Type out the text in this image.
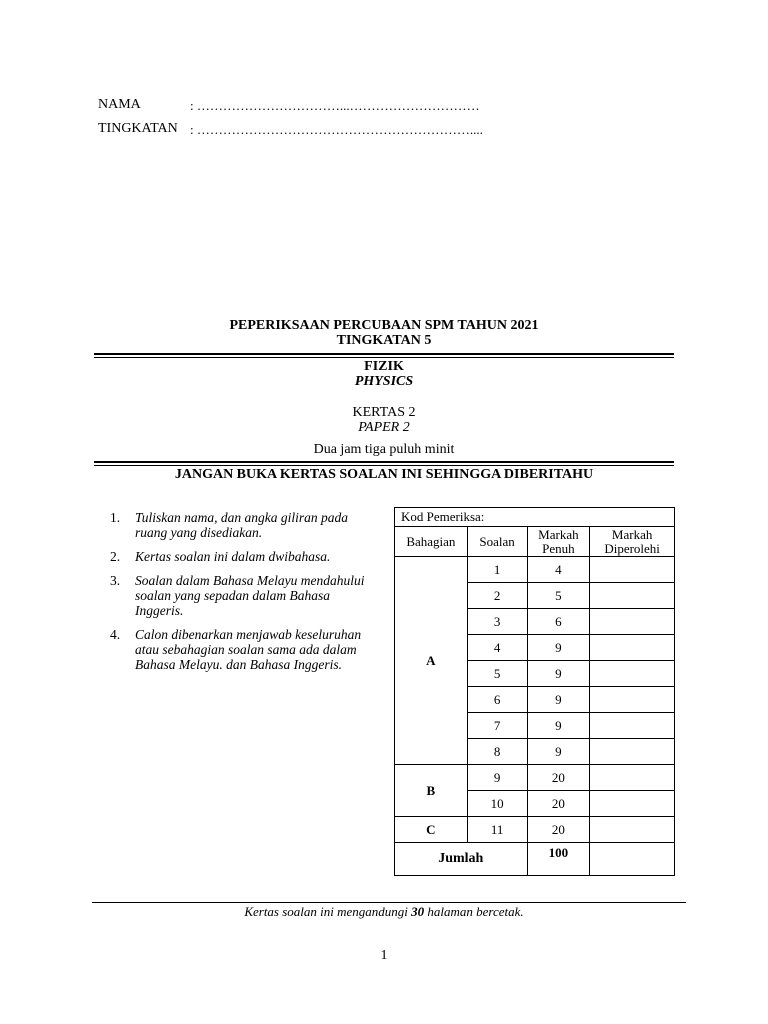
NAMA	: ……………………………...…………………………
TINGKATAN : ………………………………………………………....
PEPERIKSAAN PERCUBAAN SPM TAHUN 2021
TINGKATAN 5
FIZIK
PHYSICS
KERTAS 2
PAPER 2
Dua jam tiga puluh minit
JANGAN BUKA KERTAS SOALAN INI SEHINGGA DIBERITAHU
1.	Tuliskan nama, dan angka giliran pada ruang yang disediakan.
2.	Kertas soalan ini dalam dwibahasa.
3.	Soalan dalam Bahasa Melayu mendahului soalan yang sepadan dalam Bahasa Inggeris.
4.	Calon dibenarkan menjawab keseluruhan atau sebahagian soalan sama ada dalam Bahasa Melayu. dan Bahasa Inggeris.
Kod Pemeriksa:			
Bahagian	Soalan	Markah Penuh	Markah Diperolehi
A	1	4	
	2	5	
	3	6	
	4	9	
	5	9	
	6	9	
	7	9	
	8	9	
B	9	20	
	10	20	
C	11	20	
Jumlah		100	
Kertas soalan ini mengandungi 30 halaman bercetak.
1
